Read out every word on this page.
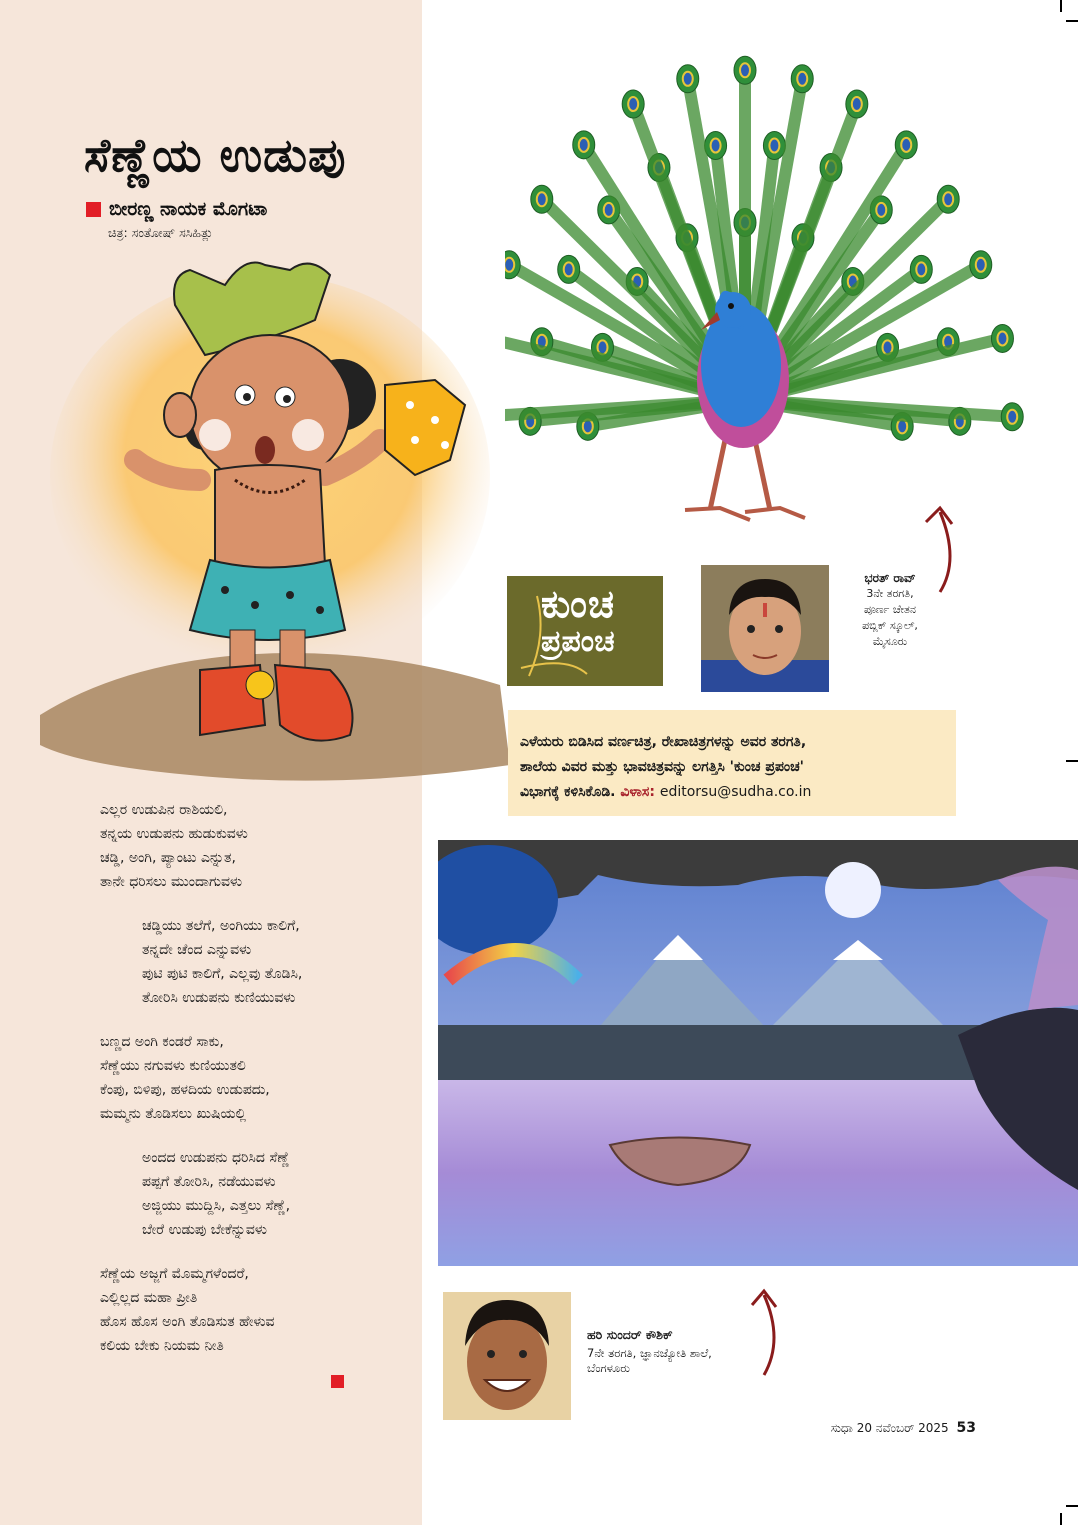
ಸೆಣ್ಣೆಯ ಉಡುಪು
ಬೀರಣ್ಣ ನಾಯಕ ಮೊಗಟಾ
ಚಿತ್ರ: ಸಂತೋಷ್ ಸಸಿಹಿತ್ಲು
ಎಲ್ಲರ ಉಡುಪಿನ ರಾಶಿಯಲಿ,
ತನ್ನಯ ಉಡುಪನು ಹುಡುಕುವಳು
ಚಡ್ಡಿ, ಅಂಗಿ, ಪ್ಯಾಂಟು ಎನ್ನುತ,
ತಾನೇ ಧರಿಸಲು ಮುಂದಾಗುವಳು
ಚಡ್ಡಿಯು ತಲೆಗೆ, ಅಂಗಿಯು ಕಾಲಿಗೆ,
ತನ್ನದೇ ಚೆಂದ ಎನ್ನುವಳು
ಪುಟಿ ಪುಟಿ ಕಾಲಿಗೆ, ಎಲ್ಲವು ತೊಡಿಸಿ,
ತೋರಿಸಿ ಉಡುಪನು ಕುಣಿಯುವಳು
ಬಣ್ಣದ ಅಂಗಿ ಕಂಡರೆ ಸಾಕು,
ಸೆಣ್ಣೆಯು ನಗುವಳು ಕುಣಿಯುತಲಿ
ಕೆಂಪು, ಬಿಳಿಪು, ಹಳದಿಯ ಉಡುಪದು,
ಮಮ್ಮನು ತೊಡಿಸಲು ಖುಷಿಯಲ್ಲಿ
ಅಂದದ ಉಡುಪನು ಧರಿಸಿದ ಸೆಣ್ಣೆ
ಪಪ್ಪಗೆ ತೋರಿಸಿ, ನಡೆಯುವಳು
ಅಜ್ಜಿಯು ಮುದ್ದಿಸಿ, ಎತ್ತಲು ಸೆಣ್ಣೆ,
ಬೇರೆ ಉಡುಪು ಬೇಕೆನ್ನುವಳು
ಸೆಣ್ಣೆಯ ಅಜ್ಜಗೆ ಮೊಮ್ಮಗಳೆಂದರೆ,
ಎಲ್ಲಿಲ್ಲದ ಮಹಾ ಪ್ರೀತಿ
ಹೊಸ ಹೊಸ ಅಂಗಿ ತೊಡಿಸುತ ಹೇಳುವ
ಕಲಿಯ ಬೇಕು ನಿಯಮ ನೀತಿ
ಭರತ್ ರಾವ್
3ನೇ ತರಗತಿ,
ಪೂರ್ಣ ಚೇತನ
ಪಬ್ಲಿಕ್ ಸ್ಕೂಲ್,
ಮೈಸೂರು
ಕುಂಚ
ಪ್ರಪಂಚ
ಎಳೆಯರು ಬಿಡಿಸಿದ ವರ್ಣಚಿತ್ರ, ರೇಖಾಚಿತ್ರಗಳನ್ನು ಅವರ ತರಗತಿ,
ಶಾಲೆಯ ವಿವರ ಮತ್ತು ಭಾವಚಿತ್ರವನ್ನು ಲಗತ್ತಿಸಿ 'ಕುಂಚ ಪ್ರಪಂಚ'
ವಿಭಾಗಕ್ಕೆ ಕಳಿಸಿಕೊಡಿ. ವಿಳಾಸ: editorsu@sudha.co.in
ಹರಿ ಸುಂದರ್ ಕೌಶಿಕ್
7ನೇ ತರಗತಿ, ಜ್ಞಾನಜ್ಯೋತಿ ಶಾಲೆ,
ಬೆಂಗಳೂರು
ಸುಧಾ 20 ನವೆಂಬರ್ 2025 53
